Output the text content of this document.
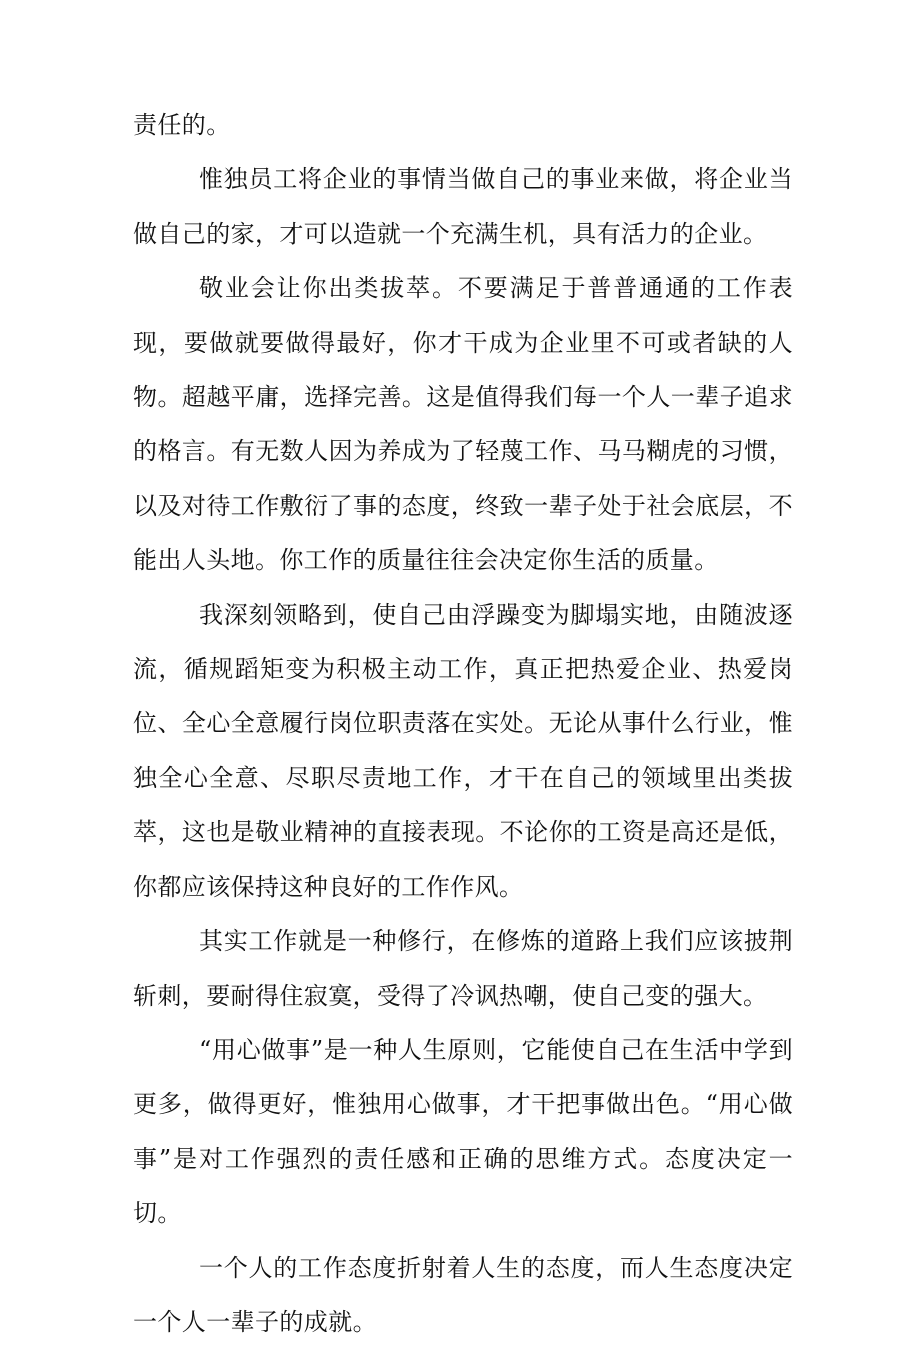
责任的。

惟独员工将企业的事情当做自己的事业来做，将企业当做自己的家，才可以造就一个充满生机，具有活力的企业。

敬业会让你出类拔萃。不要满足于普普通通的工作表现，要做就要做得最好，你才干成为企业里不可或者缺的人物。超越平庸，选择完善。这是值得我们每一个人一辈子追求的格言。有无数人因为养成为了轻蔑工作、马马糊虎的习惯，以及对待工作敷衍了事的态度，终致一辈子处于社会底层，不能出人头地。你工作的质量往往会决定你生活的质量。

我深刻领略到，使自己由浮躁变为脚塌实地，由随波逐流，循规蹈矩变为积极主动工作，真正把热爱企业、热爱岗位、全心全意履行岗位职责落在实处。无论从事什么行业，惟独全心全意、尽职尽责地工作，才干在自己的领域里出类拔萃，这也是敬业精神的直接表现。不论你的工资是高还是低，你都应该保持这种良好的工作作风。

其实工作就是一种修行，在修炼的道路上我们应该披荆斩刺，要耐得住寂寞，受得了冷讽热嘲，使自己变的强大。

“用心做事”是一种人生原则，它能使自己在生活中学到更多，做得更好，惟独用心做事，才干把事做出色。“用心做事”是对工作强烈的责任感和正确的思维方式。态度决定一切。

一个人的工作态度折射着人生的态度，而人生态度决定一个人一辈子的成就。
